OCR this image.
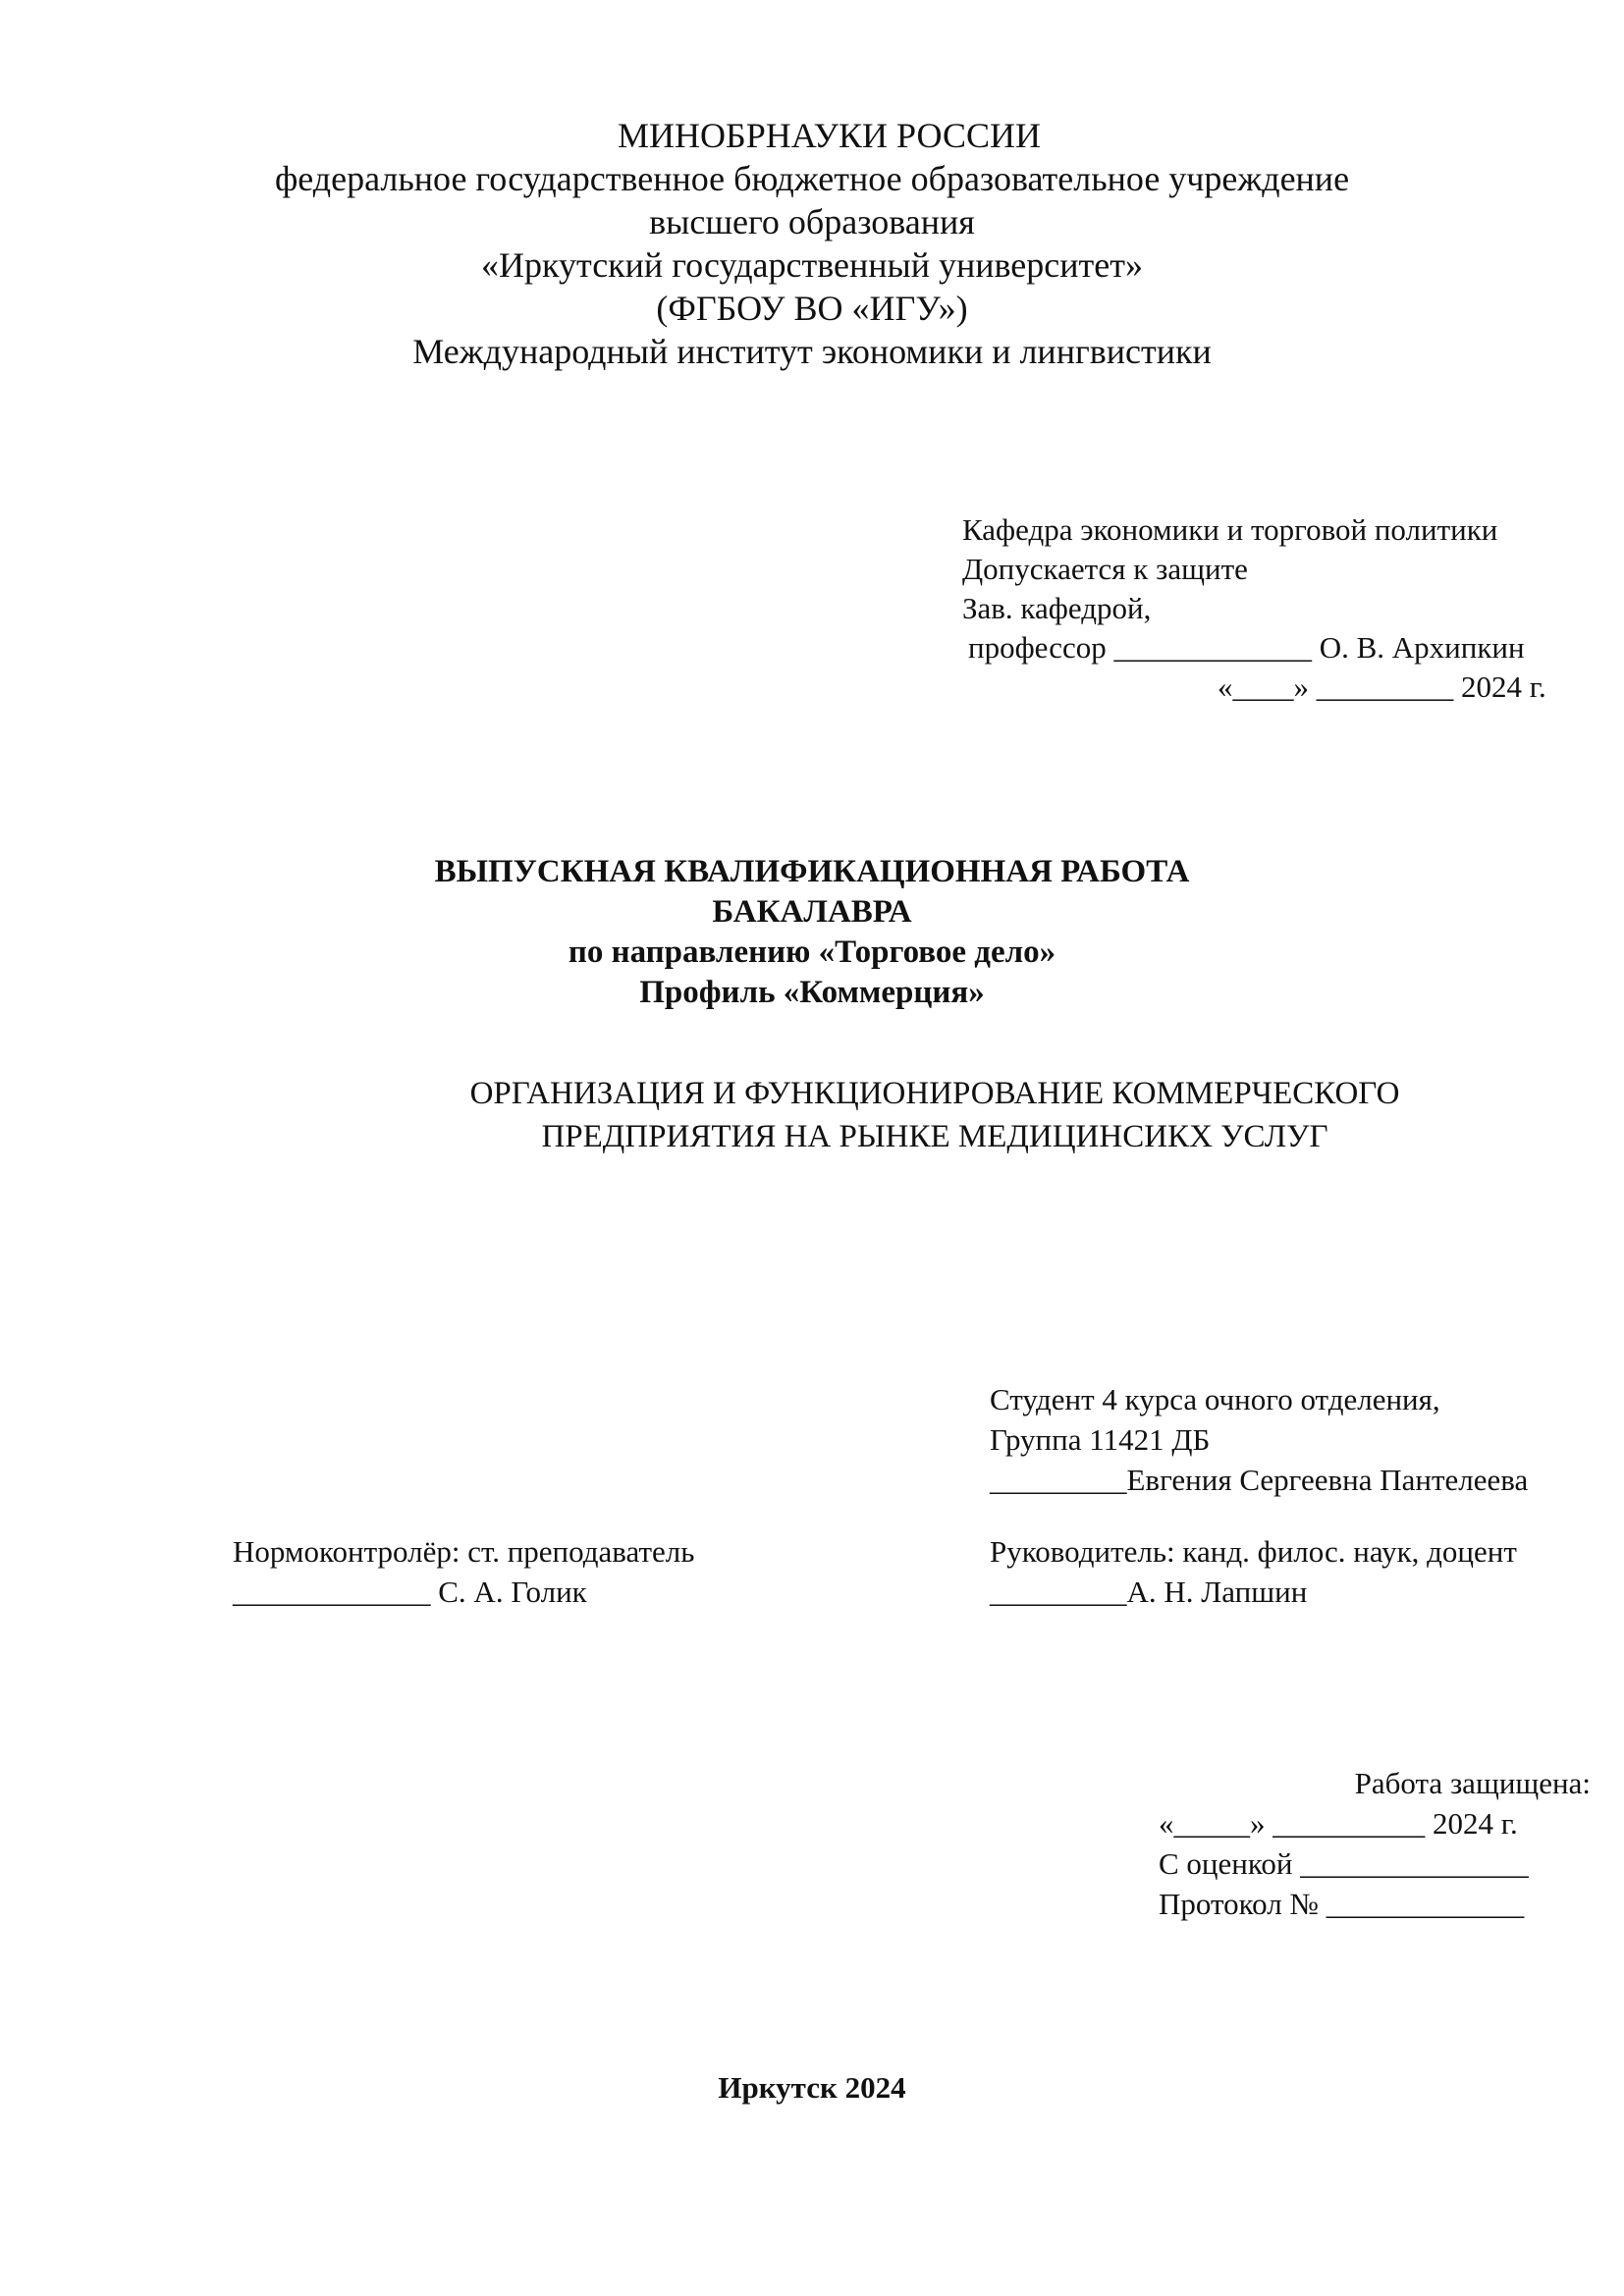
МИНОБРНАУКИ РОССИИ
федеральное государственное бюджетное образовательное учреждение
высшего образования
«Иркутский государственный университет»
(ФГБОУ ВО «ИГУ»)
Международный институт экономики и лингвистики
Кафедра экономики и торговой политики
Допускается к защите
Зав. кафедрой,
профессор _____________ О. В. Архипкин
«____» _________ 2024 г.
ВЫПУСКНАЯ КВАЛИФИКАЦИОННАЯ РАБОТА
БАКАЛАВРА
по направлению «Торговое дело»
Профиль «Коммерция»
ОРГАНИЗАЦИЯ И ФУНКЦИОНИРОВАНИЕ КОММЕРЧЕСКОГО
ПРЕДПРИЯТИЯ НА РЫНКЕ МЕДИЦИНСИКХ УСЛУГ
Студент 4 курса очного отделения,
Группа 11421 ДБ
_________Евгения Сергеевна Пантелеева
Нормоконтролёр: ст. преподаватель
_____________ С. А. Голик
Руководитель: канд. филос. наук, доцент
_________А. Н. Лапшин
Работа защищена:
«_____» __________ 2024 г.
С оценкой _______________
Протокол № _____________
Иркутск 2024
